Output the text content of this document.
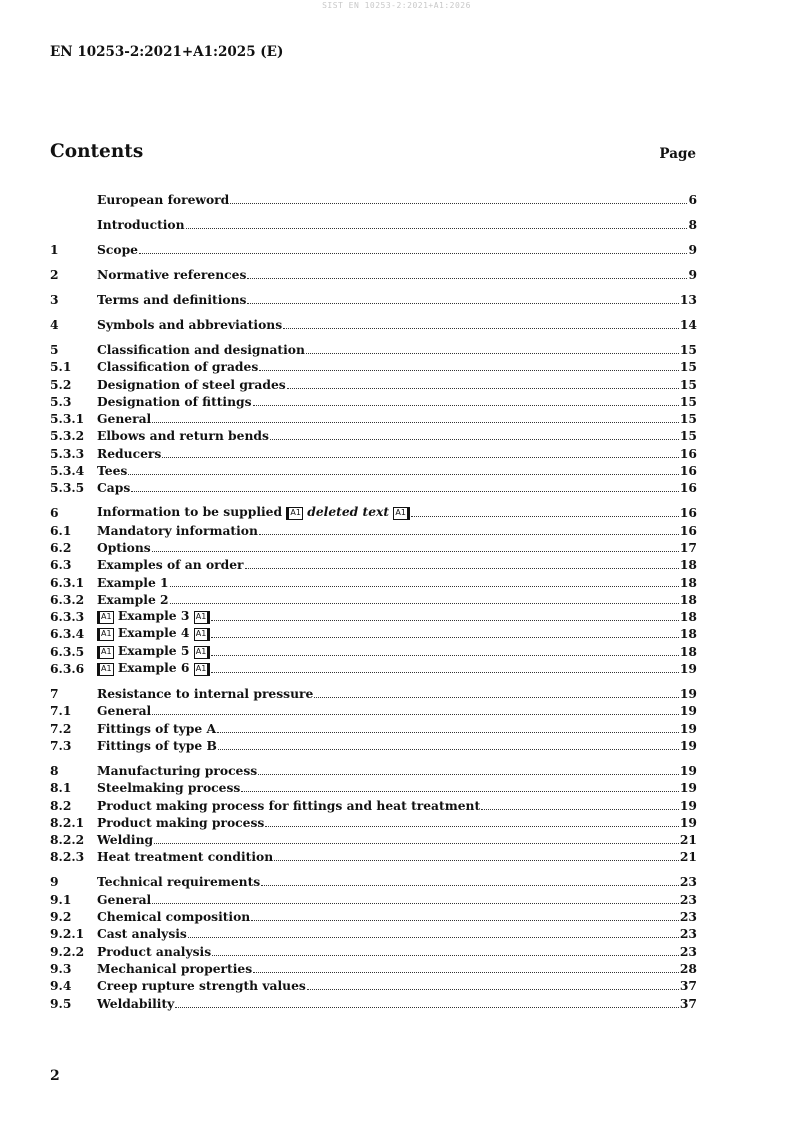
SIST EN 10253-2:2021+A1:2026
EN 10253-2:2021+A1:2025 (E)
Contents	Page
European foreword	6
Introduction	8
1	Scope	9
2	Normative references	9
3	Terms and definitions	13
4	Symbols and abbreviations	14
5	Classification and designation	15
5.1	Classification of grades	15
5.2	Designation of steel grades	15
5.3	Designation of fittings	15
5.3.1	General	15
5.3.2	Elbows and return bends	15
5.3.3	Reducers	16
5.3.4	Tees	16
5.3.5	Caps	16
6	Information to be supplied A1 deleted text A1	16
6.1	Mandatory information	16
6.2	Options	17
6.3	Examples of an order	18
6.3.1	Example 1	18
6.3.2	Example 2	18
6.3.3	A1 Example 3 A1	18
6.3.4	A1 Example 4 A1	18
6.3.5	A1 Example 5 A1	18
6.3.6	A1 Example 6 A1	19
7	Resistance to internal pressure	19
7.1	General	19
7.2	Fittings of type A	19
7.3	Fittings of type B	19
8	Manufacturing process	19
8.1	Steelmaking process	19
8.2	Product making process for fittings and heat treatment	19
8.2.1	Product making process	19
8.2.2	Welding	21
8.2.3	Heat treatment condition	21
9	Technical requirements	23
9.1	General	23
9.2	Chemical composition	23
9.2.1	Cast analysis	23
9.2.2	Product analysis	23
9.3	Mechanical properties	28
9.4	Creep rupture strength values	37
9.5	Weldability	37
2
